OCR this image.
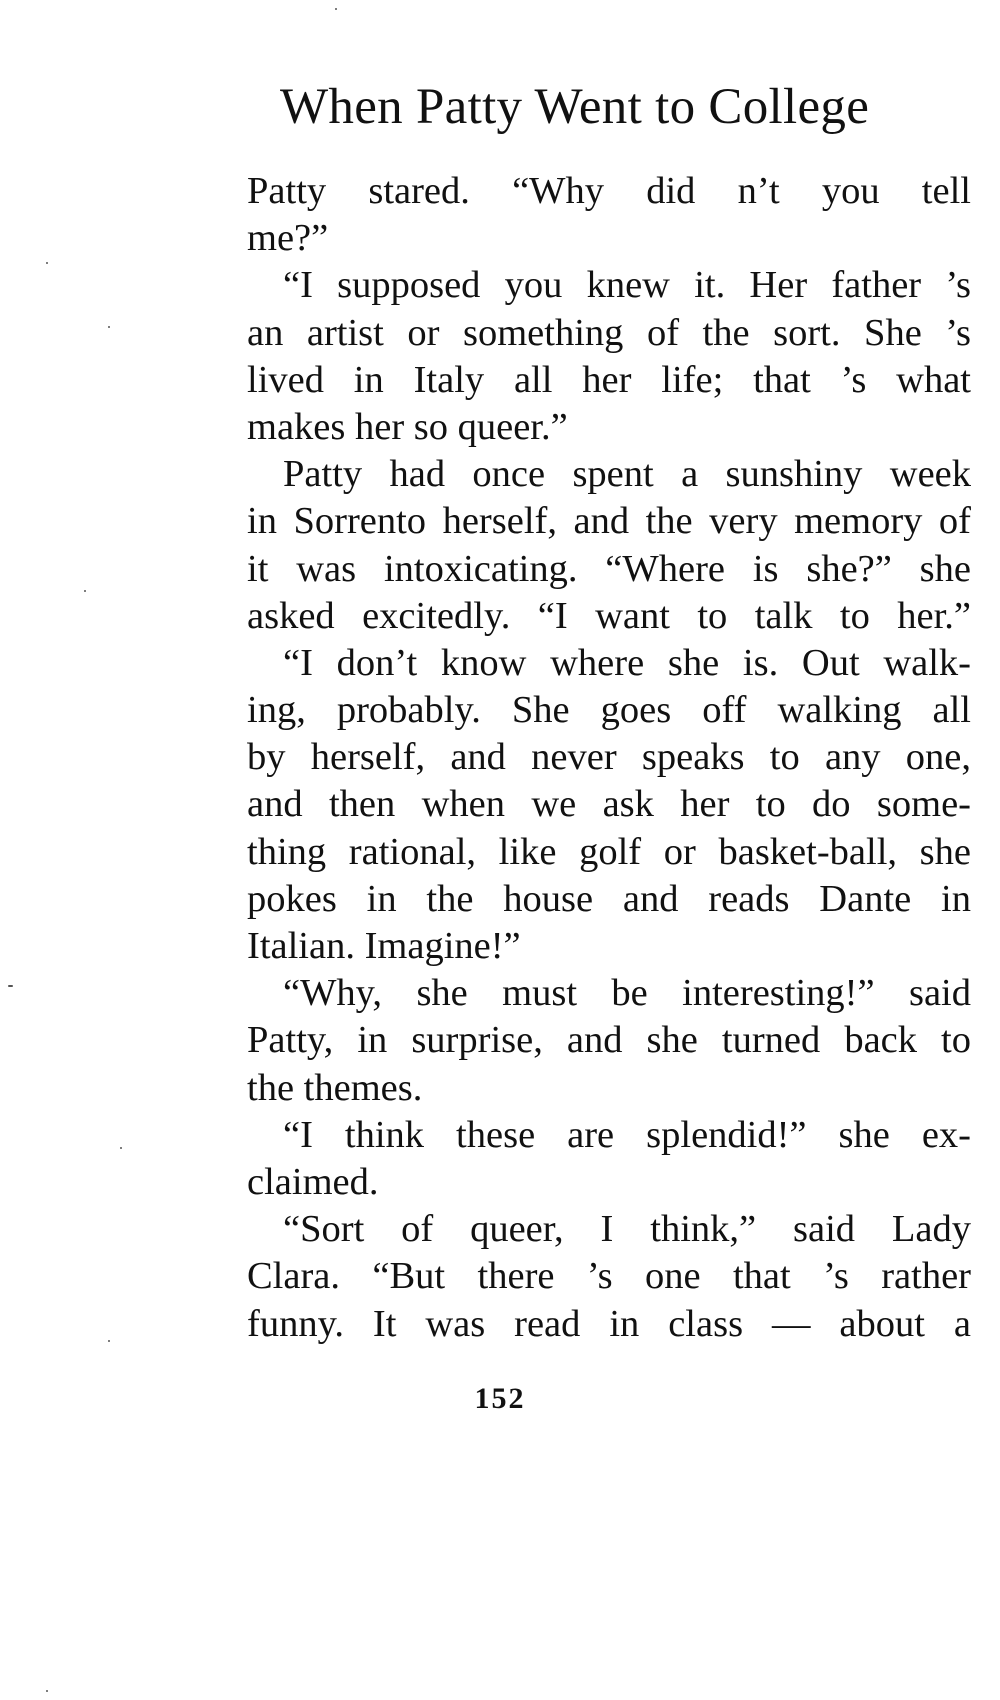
When Patty Went to College
Patty stared. “Why did n’t you tell
me?”
“I supposed you knew it. Her father ’s
an artist or something of the sort. She ’s
lived in Italy all her life; that ’s what
makes her so queer.”
Patty had once spent a sunshiny week
in Sorrento herself, and the very memory of
it was intoxicating. “Where is she?” she
asked excitedly. “I want to talk to her.”
“I don’t know where she is. Out walk-
ing, probably. She goes off walking all
by herself, and never speaks to any one,
and then when we ask her to do some-
thing rational, like golf or basket-ball, she
pokes in the house and reads Dante in
Italian. Imagine!”
“Why, she must be interesting!” said
Patty, in surprise, and she turned back to
the themes.
“I think these are splendid!” she ex-
claimed.
“Sort of queer, I think,” said Lady
Clara. “But there ’s one that ’s rather
funny. It was read in class — about a
152
